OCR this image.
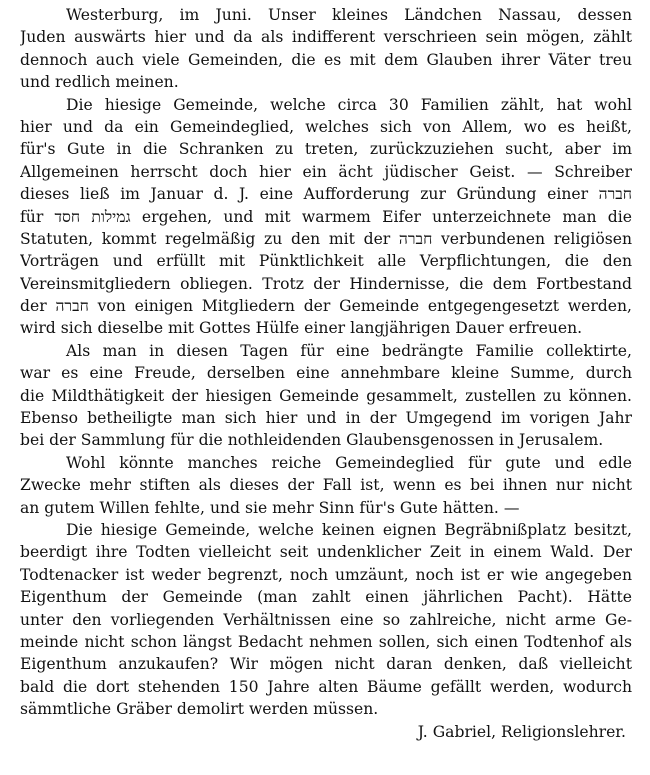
Westerburg, im Juni. Unser kleines Ländchen Nassau, dessen
Juden auswärts hier und da als indifferent verschrieen sein mögen, zählt
dennoch auch viele Gemeinden, die es mit dem Glauben ihrer Väter treu
und redlich meinen.
Die hiesige Gemeinde, welche circa 30 Familien zählt, hat wohl
hier und da ein Gemeindeglied, welches sich von Allem, wo es heißt,
für's Gute in die Schranken zu treten, zurückzuziehen sucht, aber im
Allgemeinen herrscht doch hier ein ächt jüdischer Geist. — Schreiber
dieses ließ im Januar d. J. eine Aufforderung zur Gründung einer חברה
für גמילות חסד ergehen, und mit warmem Eifer unterzeichnete man die
Statuten, kommt regelmäßig zu den mit der חברה verbundenen religiösen
Vorträgen und erfüllt mit Pünktlichkeit alle Verpflichtungen, die den
Vereinsmitgliedern obliegen. Trotz der Hindernisse, die dem Fortbestand
der חברה von einigen Mitgliedern der Gemeinde entgegengesetzt werden,
wird sich dieselbe mit Gottes Hülfe einer langjährigen Dauer erfreuen.
Als man in diesen Tagen für eine bedrängte Familie collektirte,
war es eine Freude, derselben eine annehmbare kleine Summe, durch
die Mildthätigkeit der hiesigen Gemeinde gesammelt, zustellen zu können.
Ebenso betheiligte man sich hier und in der Umgegend im vorigen Jahr
bei der Sammlung für die nothleidenden Glaubensgenossen in Jerusalem.
Wohl könnte manches reiche Gemeindeglied für gute und edle
Zwecke mehr stiften als dieses der Fall ist, wenn es bei ihnen nur nicht
an gutem Willen fehlte, und sie mehr Sinn für's Gute hätten. —
Die hiesige Gemeinde, welche keinen eignen Begräbnißplatz besitzt,
beerdigt ihre Todten vielleicht seit undenklicher Zeit in einem Wald. Der
Todtenacker ist weder begrenzt, noch umzäunt, noch ist er wie angegeben
Eigenthum der Gemeinde (man zahlt einen jährlichen Pacht). Hätte
unter den vorliegenden Verhältnissen eine so zahlreiche, nicht arme Ge-
meinde nicht schon längst Bedacht nehmen sollen, sich einen Todtenhof als
Eigenthum anzukaufen? Wir mögen nicht daran denken, daß vielleicht
bald die dort stehenden 150 Jahre alten Bäume gefällt werden, wodurch
sämmtliche Gräber demolirt werden müssen.
J. Gabriel, Religionslehrer.
